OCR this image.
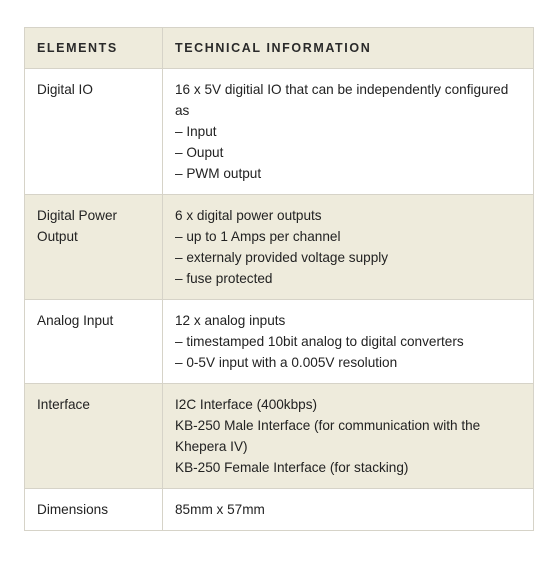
ELEMENTS	TECHNICAL INFORMATION
Digital IO	16 x 5V digitial IO that can be independently configured as
– Input
– Ouput
– PWM output

Digital Power Output	6 x digital power outputs
– up to 1 Amps per channel
– externaly provided voltage supply
– fuse protected

Analog Input	12 x analog inputs
– timestamped 10bit analog to digital converters
– 0-5V input with a 0.005V resolution

Interface	I2C Interface (400kbps)
KB-250 Male Interface (for communication with the Khepera IV)
KB-250 Female Interface (for stacking)

Dimensions	85mm x 57mm
